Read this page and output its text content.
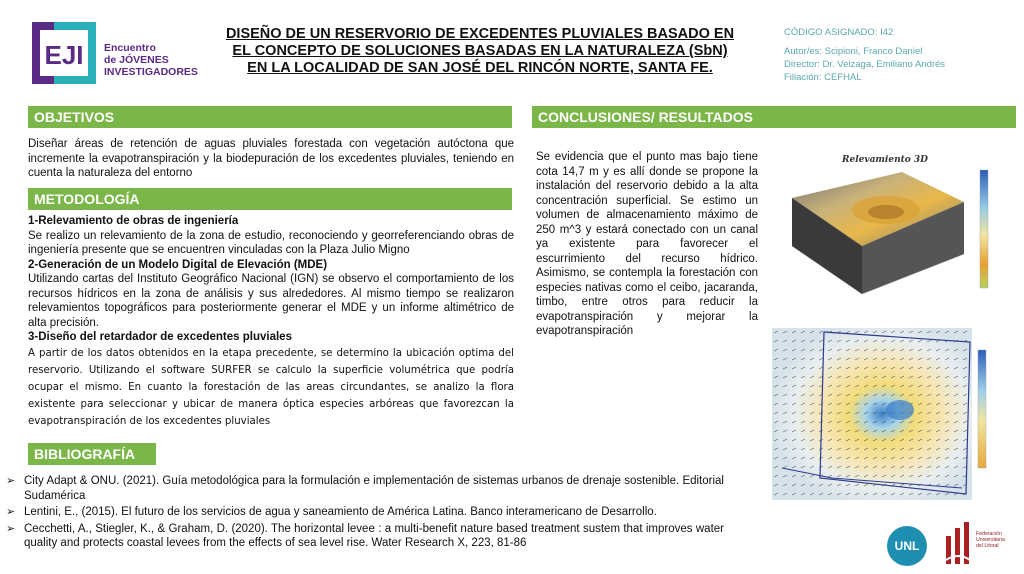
EJI Encuentro
de JÓVENES
INVESTIGADORES
DISEÑO DE UN RESERVORIO DE EXCEDENTES PLUVIALES BASADO EN
EL CONCEPTO DE SOLUCIONES BASADAS EN LA NATURALEZA (SbN)
EN LA LOCALIDAD DE SAN JOSÉ DEL RINCÓN NORTE, SANTA FE.
CÓDIGO ASIGNADO: I42
Autor/es: Scipioni, Franco Daniel
Director: Dr. Veizaga, Emiliano Andrés
Filiación: CEFHAL
OBJETIVOS
Diseñar áreas de retención de aguas pluviales forestada con vegetación autóctona que incremente la evapotranspiración y la biodepuración de los excedentes pluviales, teniendo en cuenta la naturaleza del entorno
METODOLOGÍA
1-Relevamiento de obras de ingeniería
Se realizo un relevamiento de la zona de estudio, reconociendo y georreferenciando obras de ingeniería presente que se encuentren vinculadas con la Plaza Julio Migno
2-Generación de un Modelo Digital de Elevación (MDE)
Utilizando cartas del Instituto Geográfico Nacional (IGN) se observo el comportamiento de los recursos hídricos en la zona de análisis y sus alrededores. Al mismo tiempo se realizaron relevamientos topográficos para posteriormente generar el MDE y un informe altimétrico de alta precisión.
3-Diseño del retardador de excedentes pluviales
A partir de los datos obtenidos en la etapa precedente, se determino la ubicación optima del reservorio. Utilizando el software SURFER se calculo la superficie volumétrica que podría ocupar el mismo. En cuanto la forestación de las areas circundantes, se analizo la flora existente para seleccionar y ubicar de manera óptica especies arbóreas que favorezcan la evapotranspiración de los excedentes pluviales
BIBLIOGRAFÍA
➢ City Adapt & ONU. (2021). Guía metodológica para la formulación e implementación de sistemas urbanos de drenaje sostenible. Editorial Sudamérica
➢ Lentini, E., (2015). El futuro de los servicios de agua y saneamiento de América Latina. Banco interamericano de Desarrollo.
➢ Cecchetti, A., Stiegler, K., & Graham, D. (2020). The horizontal levee : a multi-benefit nature based treatment sustem that improves water quality and protects coastal levees from the effects of sea level rise. Water Research X, 223, 81-86
CONCLUSIONES/ RESULTADOS
Se evidencia que el punto mas bajo tiene cota 14,7 m y es allí donde se propone la instalación del reservorio debido a la alta concentración superficial. Se estimo un volumen de almacenamiento máximo de 250 m^3 y estará conectado con un canal ya existente para favorecer el escurrimiento del recurso hídrico. Asimismo, se contempla la forestación con especies nativas como el ceibo, jacaranda, timbo, entre otros para reducir la evapotranspiración y mejorar la evapotranspiración
Relevamiento 3D
UNL
Federación
Universitaria
del Litoral
